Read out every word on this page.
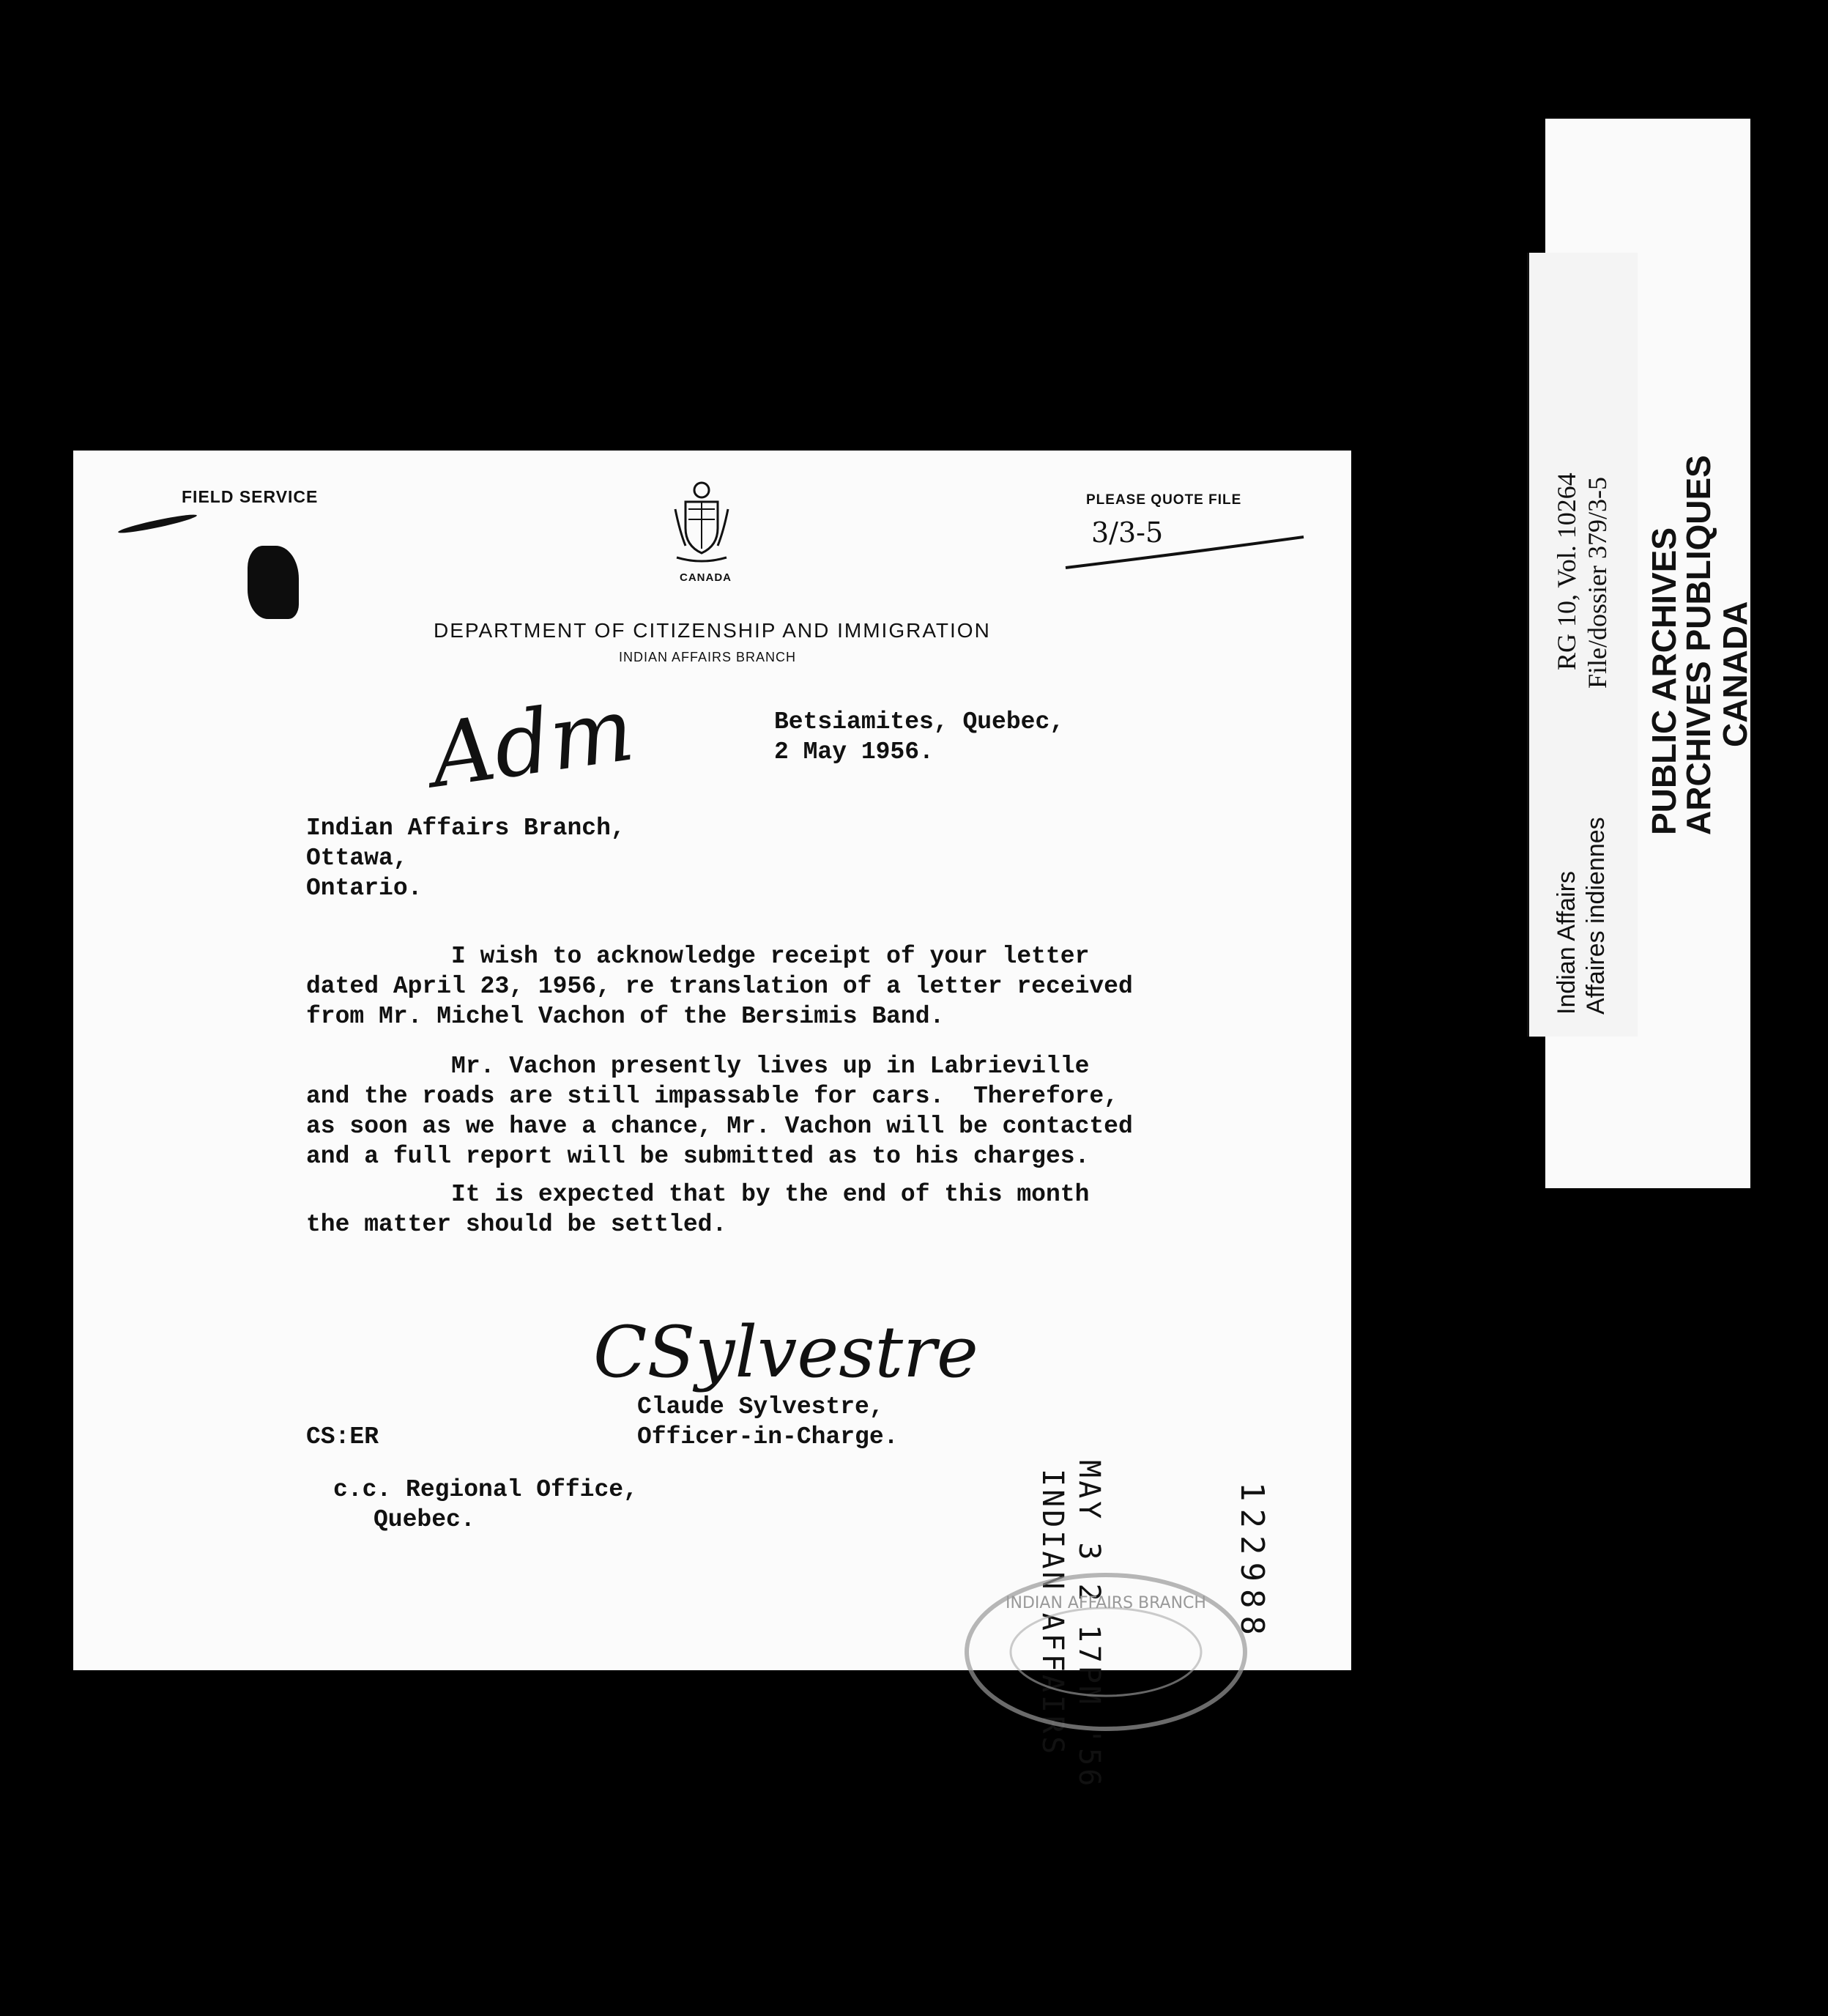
FIELD SERVICE
CANADA
DEPARTMENT OF CITIZENSHIP AND IMMIGRATION
INDIAN AFFAIRS BRANCH
PLEASE QUOTE FILE
3/3-5
Adm	Betsiamites, Quebec,
2 May 1956.
Indian Affairs Branch,
Ottawa,
Ontario.
I wish to acknowledge receipt of your letter
dated April 23, 1956, re translation of a letter received
from Mr. Michel Vachon of the Bersimis Band.
Mr. Vachon presently lives up in Labrieville
and the roads are still impassable for cars.  Therefore,
as soon as we have a chance, Mr. Vachon will be contacted
and a full report will be submitted as to his charges.
It is expected that by the end of this month
the matter should be settled.
CSylvestre
Claude Sylvestre,
Officer-in-Charge.
CS:ER
c.c. Regional Office,
Quebec.	MAY 3 2 17PM '56
INDIAN AFFAIRS	122988
INDIAN AFFAIRS BRANCH
Indian Affairs Affaires indiennes
RG 10, Vol. 10264 File/dossier 379/3-5 PUBLIC ARCHIVES
ARCHIVES PUBLIQUES
CANADA
